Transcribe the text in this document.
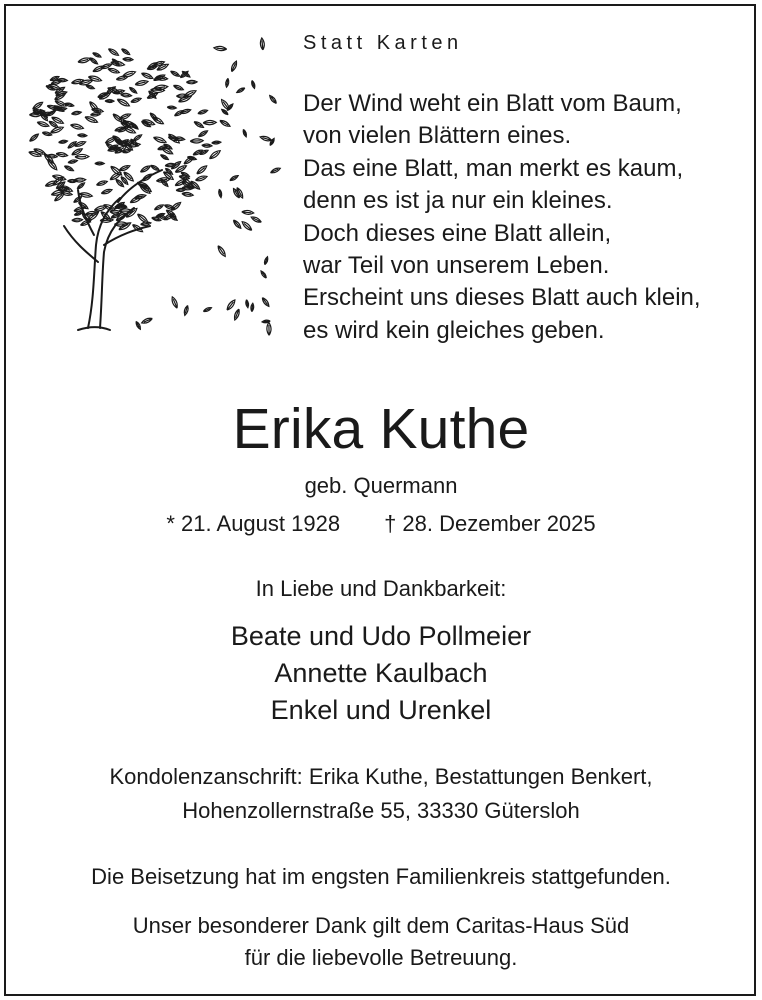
Statt Karten
Der Wind weht ein Blatt vom Baum,
von vielen Blättern eines.
Das eine Blatt, man merkt es kaum,
denn es ist ja nur ein kleines.
Doch dieses eine Blatt allein,
war Teil von unserem Leben.
Erscheint uns dieses Blatt auch klein,
es wird kein gleiches geben.
Erika Kuthe
geb. Quermann
* 21. August 1928 † 28. Dezember 2025
In Liebe und Dankbarkeit:
Beate und Udo Pollmeier
Annette Kaulbach
Enkel und Urenkel
Kondolenzanschrift: Erika Kuthe, Bestattungen Benkert,
Hohenzollernstraße 55, 33330 Gütersloh
Die Beisetzung hat im engsten Familienkreis stattgefunden.
Unser besonderer Dank gilt dem Caritas-Haus Süd
für die liebevolle Betreuung.
